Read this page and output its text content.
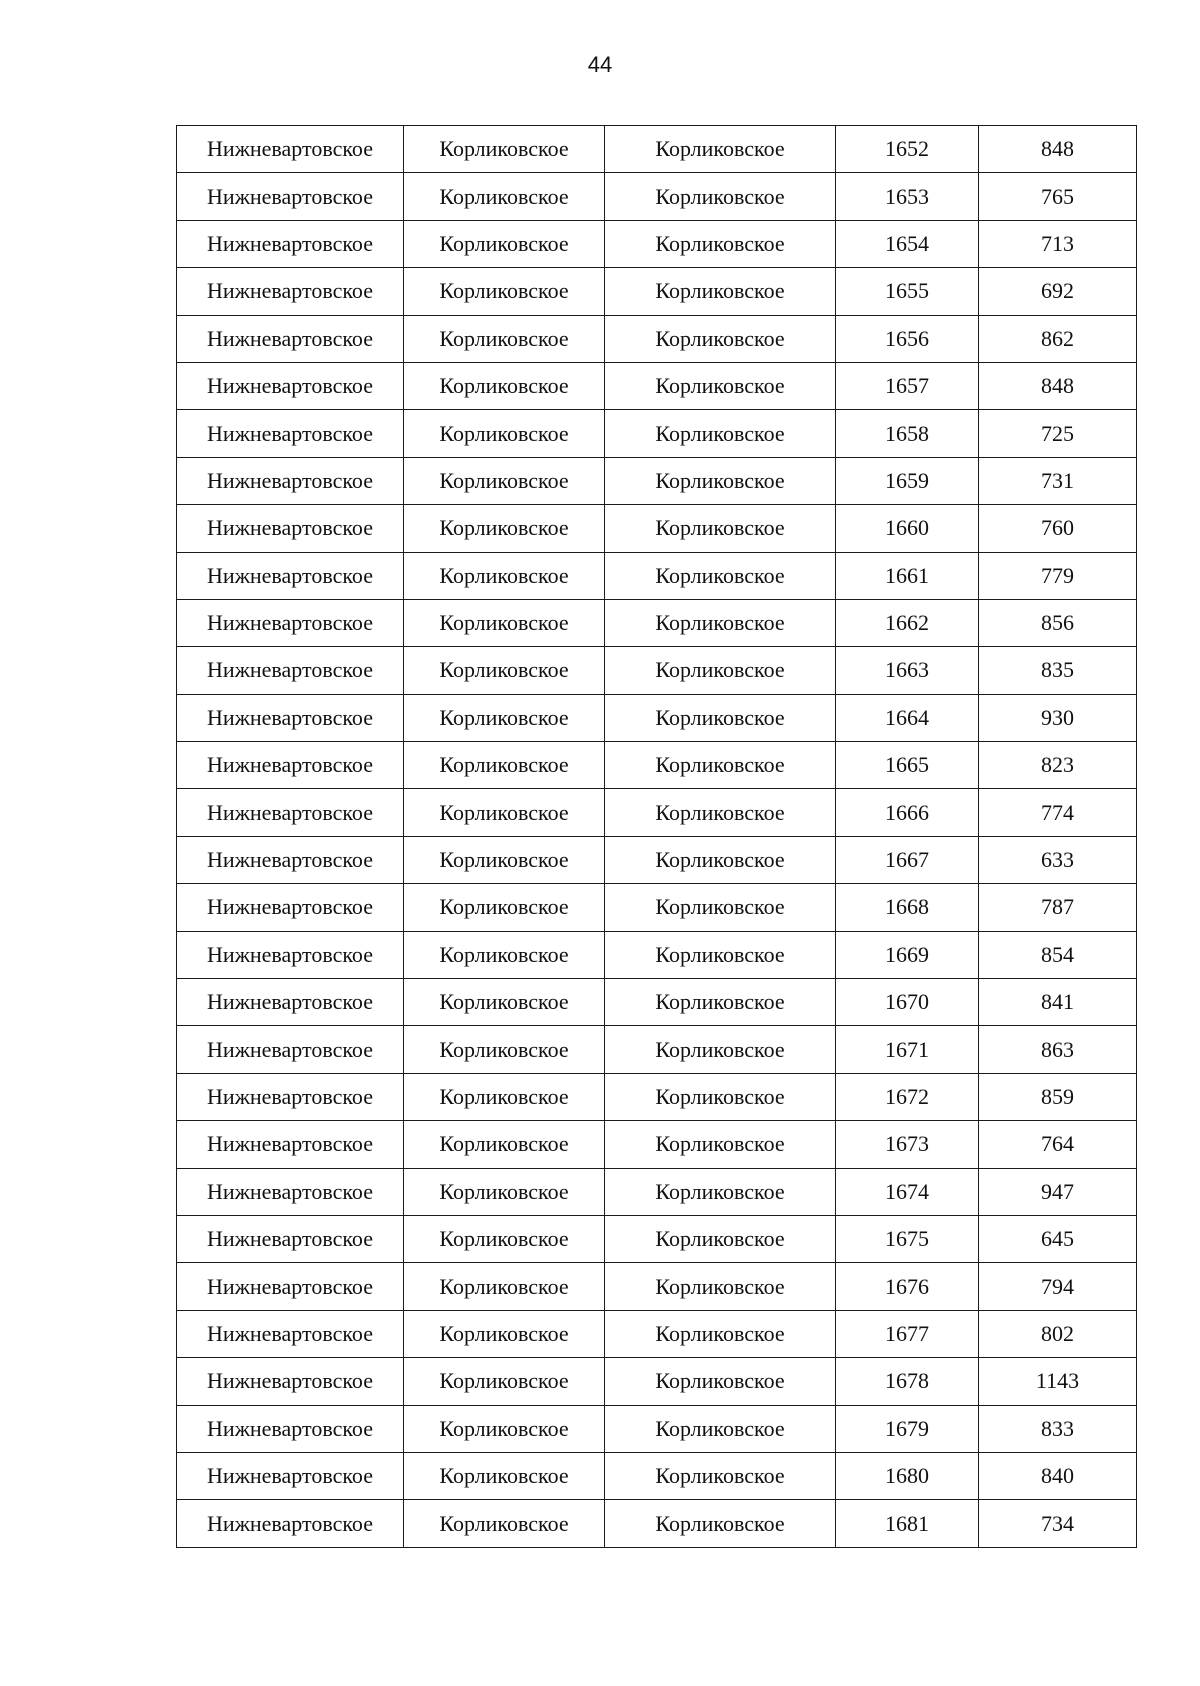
44
Нижневартовское	Корликовское	Корликовское	1652	848
Нижневартовское	Корликовское	Корликовское	1653	765
Нижневартовское	Корликовское	Корликовское	1654	713
Нижневартовское	Корликовское	Корликовское	1655	692
Нижневартовское	Корликовское	Корликовское	1656	862
Нижневартовское	Корликовское	Корликовское	1657	848
Нижневартовское	Корликовское	Корликовское	1658	725
Нижневартовское	Корликовское	Корликовское	1659	731
Нижневартовское	Корликовское	Корликовское	1660	760
Нижневартовское	Корликовское	Корликовское	1661	779
Нижневартовское	Корликовское	Корликовское	1662	856
Нижневартовское	Корликовское	Корликовское	1663	835
Нижневартовское	Корликовское	Корликовское	1664	930
Нижневартовское	Корликовское	Корликовское	1665	823
Нижневартовское	Корликовское	Корликовское	1666	774
Нижневартовское	Корликовское	Корликовское	1667	633
Нижневартовское	Корликовское	Корликовское	1668	787
Нижневартовское	Корликовское	Корликовское	1669	854
Нижневартовское	Корликовское	Корликовское	1670	841
Нижневартовское	Корликовское	Корликовское	1671	863
Нижневартовское	Корликовское	Корликовское	1672	859
Нижневартовское	Корликовское	Корликовское	1673	764
Нижневартовское	Корликовское	Корликовское	1674	947
Нижневартовское	Корликовское	Корликовское	1675	645
Нижневартовское	Корликовское	Корликовское	1676	794
Нижневартовское	Корликовское	Корликовское	1677	802
Нижневартовское	Корликовское	Корликовское	1678	1143
Нижневартовское	Корликовское	Корликовское	1679	833
Нижневартовское	Корликовское	Корликовское	1680	840
Нижневартовское	Корликовское	Корликовское	1681	734
